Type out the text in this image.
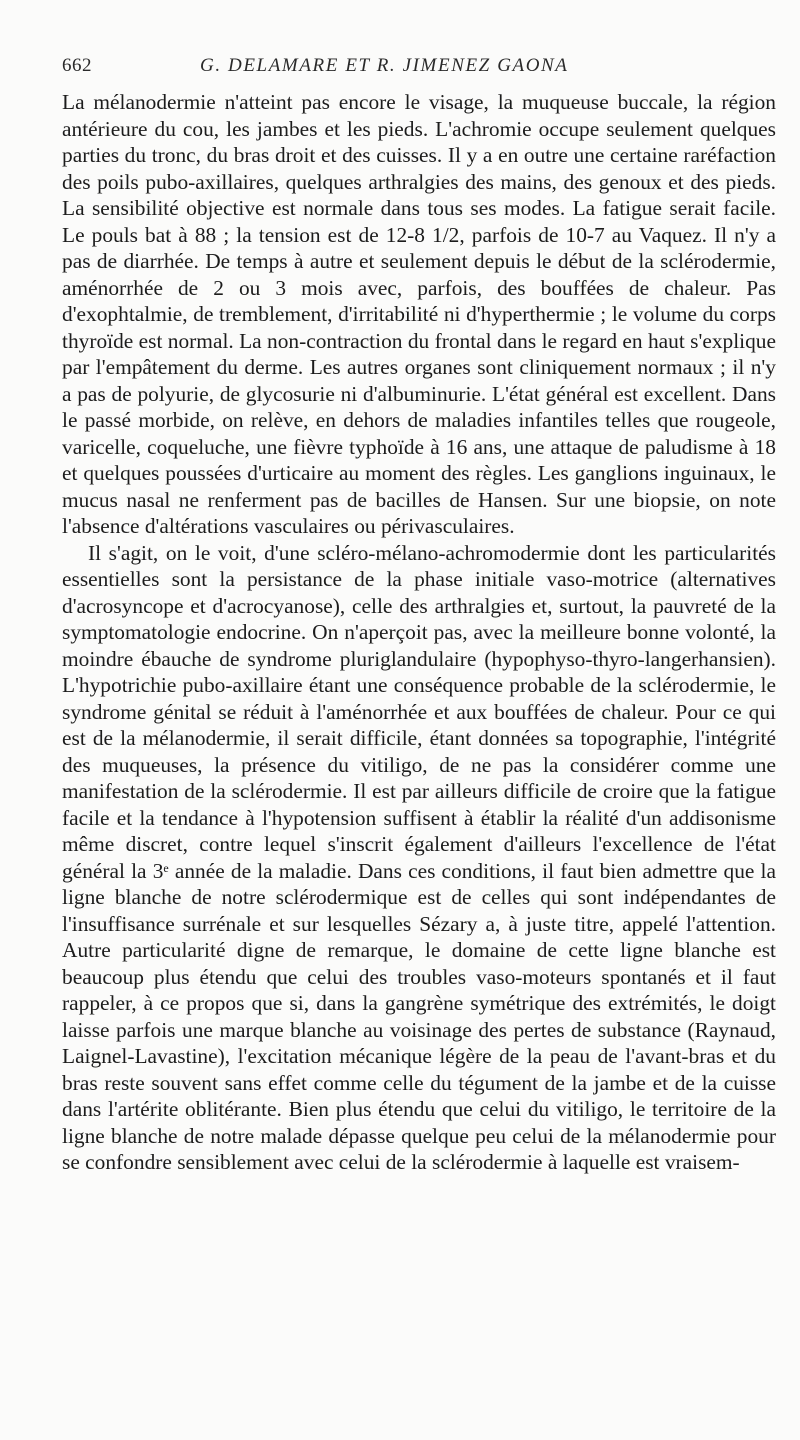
662	G. DELAMARE ET R. JIMENEZ GAONA

La mélanodermie n'atteint pas encore le visage, la muqueuse buccale, la région antérieure du cou, les jambes et les pieds. L'achromie occupe seulement quelques parties du tronc, du bras droit et des cuisses. Il y a en outre une certaine raréfaction des poils pubo-axillaires, quelques arthralgies des mains, des genoux et des pieds. La sensibilité objective est normale dans tous ses modes. La fatigue serait facile. Le pouls bat à 88 ; la tension est de 12-8 1/2, parfois de 10-7 au Vaquez. Il n'y a pas de diarrhée. De temps à autre et seulement depuis le début de la sclérodermie, aménorrhée de 2 ou 3 mois avec, parfois, des bouffées de chaleur. Pas d'exophtalmie, de tremblement, d'irritabilité ni d'hyperthermie ; le volume du corps thyroïde est normal. La non-contraction du frontal dans le regard en haut s'explique par l'empâtement du derme. Les autres organes sont cliniquement normaux ; il n'y a pas de polyurie, de glycosurie ni d'albuminurie. L'état général est excellent. Dans le passé morbide, on relève, en dehors de maladies infantiles telles que rougeole, varicelle, coqueluche, une fièvre typhoïde à 16 ans, une attaque de paludisme à 18 et quelques poussées d'urticaire au moment des règles. Les ganglions inguinaux, le mucus nasal ne renferment pas de bacilles de Hansen. Sur une biopsie, on note l'absence d'altérations vasculaires ou périvasculaires.

Il s'agit, on le voit, d'une scléro-mélano-achromodermie dont les particularités essentielles sont la persistance de la phase initiale vaso-motrice (alternatives d'acrosyncope et d'acrocyanose), celle des arthralgies et, surtout, la pauvreté de la symptomatologie endocrine. On n'aperçoit pas, avec la meilleure bonne volonté, la moindre ébauche de syndrome pluriglandulaire (hypophyso-thyro-langerhansien). L'hypotrichie pubo-axillaire étant une conséquence probable de la sclérodermie, le syndrome génital se réduit à l'aménorrhée et aux bouffées de chaleur. Pour ce qui est de la mélanodermie, il serait difficile, étant données sa topographie, l'intégrité des muqueuses, la présence du vitiligo, de ne pas la considérer comme une manifestation de la sclérodermie. Il est par ailleurs difficile de croire que la fatigue facile et la tendance à l'hypotension suffisent à établir la réalité d'un addisonisme même discret, contre lequel s'inscrit également d'ailleurs l'excellence de l'état général la 3e année de la maladie. Dans ces conditions, il faut bien admettre que la ligne blanche de notre sclérodermique est de celles qui sont indépendantes de l'insuffisance surrénale et sur lesquelles Sézary a, à juste titre, appelé l'attention. Autre particularité digne de remarque, le domaine de cette ligne blanche est beaucoup plus étendu que celui des troubles vaso-moteurs spontanés et il faut rappeler, à ce propos que si, dans la gangrène symétrique des extrémités, le doigt laisse parfois une marque blanche au voisinage des pertes de substance (Raynaud, Laignel-Lavastine), l'excitation mécanique légère de la peau de l'avant-bras et du bras reste souvent sans effet comme celle du tégument de la jambe et de la cuisse dans l'artérite oblitérante. Bien plus étendu que celui du vitiligo, le territoire de la ligne blanche de notre malade dépasse quelque peu celui de la mélanodermie pour se confondre sensiblement avec celui de la sclérodermie à laquelle est vraisem-
